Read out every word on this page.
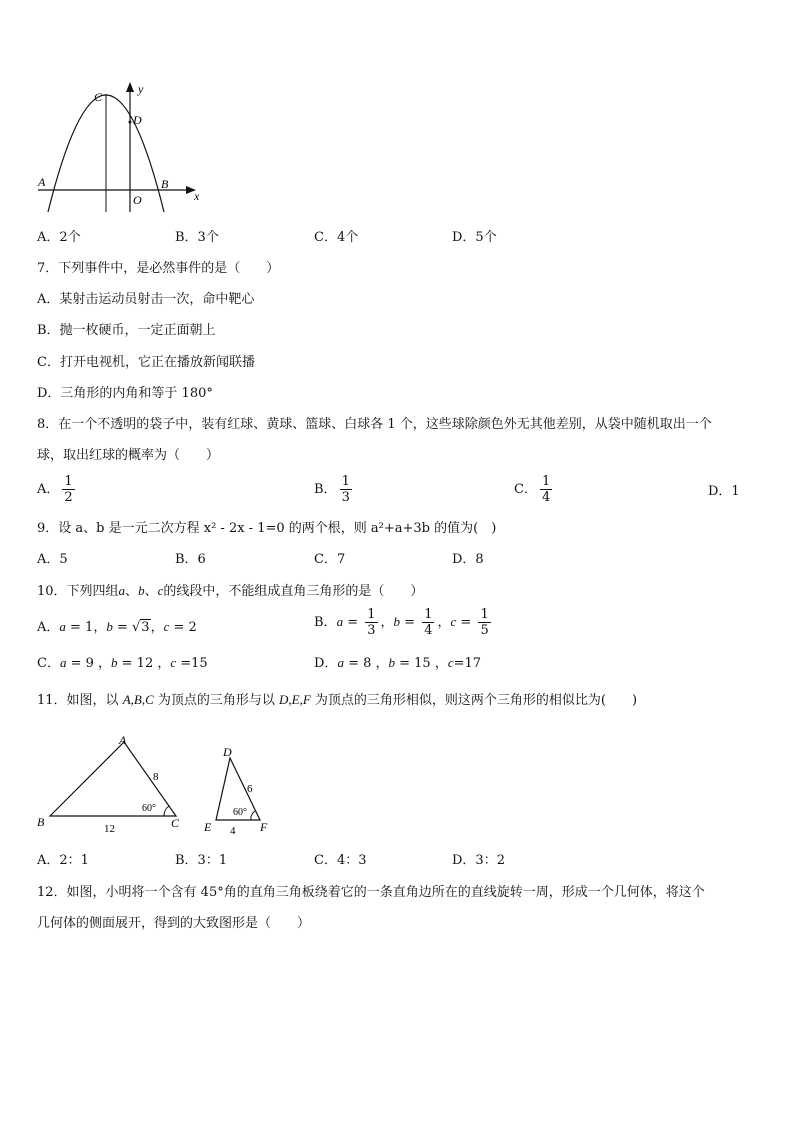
y
x
C
D
A	B
O
A．2个	B．3个	C．4个	D．5个
7．下列事件中，是必然事件的是（　　）
A．某射击运动员射击一次，命中靶心
B．抛一枚硬币，一定正面朝上
C．打开电视机，它正在播放新闻联播
D．三角形的内角和等于 180°
8．在一个不透明的袋子中，装有红球、黄球、篮球、白球各 1 个，这些球除颜色外无其他差别，从袋中随机取出一个
球，取出红球的概率为（　　）
A． $\frac{1}{2}$	B． $\frac{1}{3}$	C． $\frac{1}{4}$	D．1
9．设 a、b 是一元二次方程 x² - 2x - 1=0 的两个根，则 a²+a+3b 的值为(　)
A．5	B．6	C．7	D．8
10．下列四组a、b、c的线段中，不能组成直角三角形的是（　　）
A．a = 1，b = √3，c = 2	B．$a = \frac{1}{3}$ ，$b = \frac{1}{4}$ ，$c = \frac{1}{5}$
C．a = 9 ，b = 12 ，c =15	D．a = 8 ，b = 15 ，c=17
11．如图，以 A,B,C 为顶点的三角形与以 D,E,F 为顶点的三角形相似，则这两个三角形的相似比为(　　)
A
B	C
8
12
60°
D
E	F
6
4
60°
A．2：1	B．3：1	C．4：3	D．3：2
12．如图，小明将一个含有 45°角的直角三角板绕着它的一条直角边所在的直线旋转一周，形成一个几何体，将这个
几何体的侧面展开，得到的大致图形是（　　）
